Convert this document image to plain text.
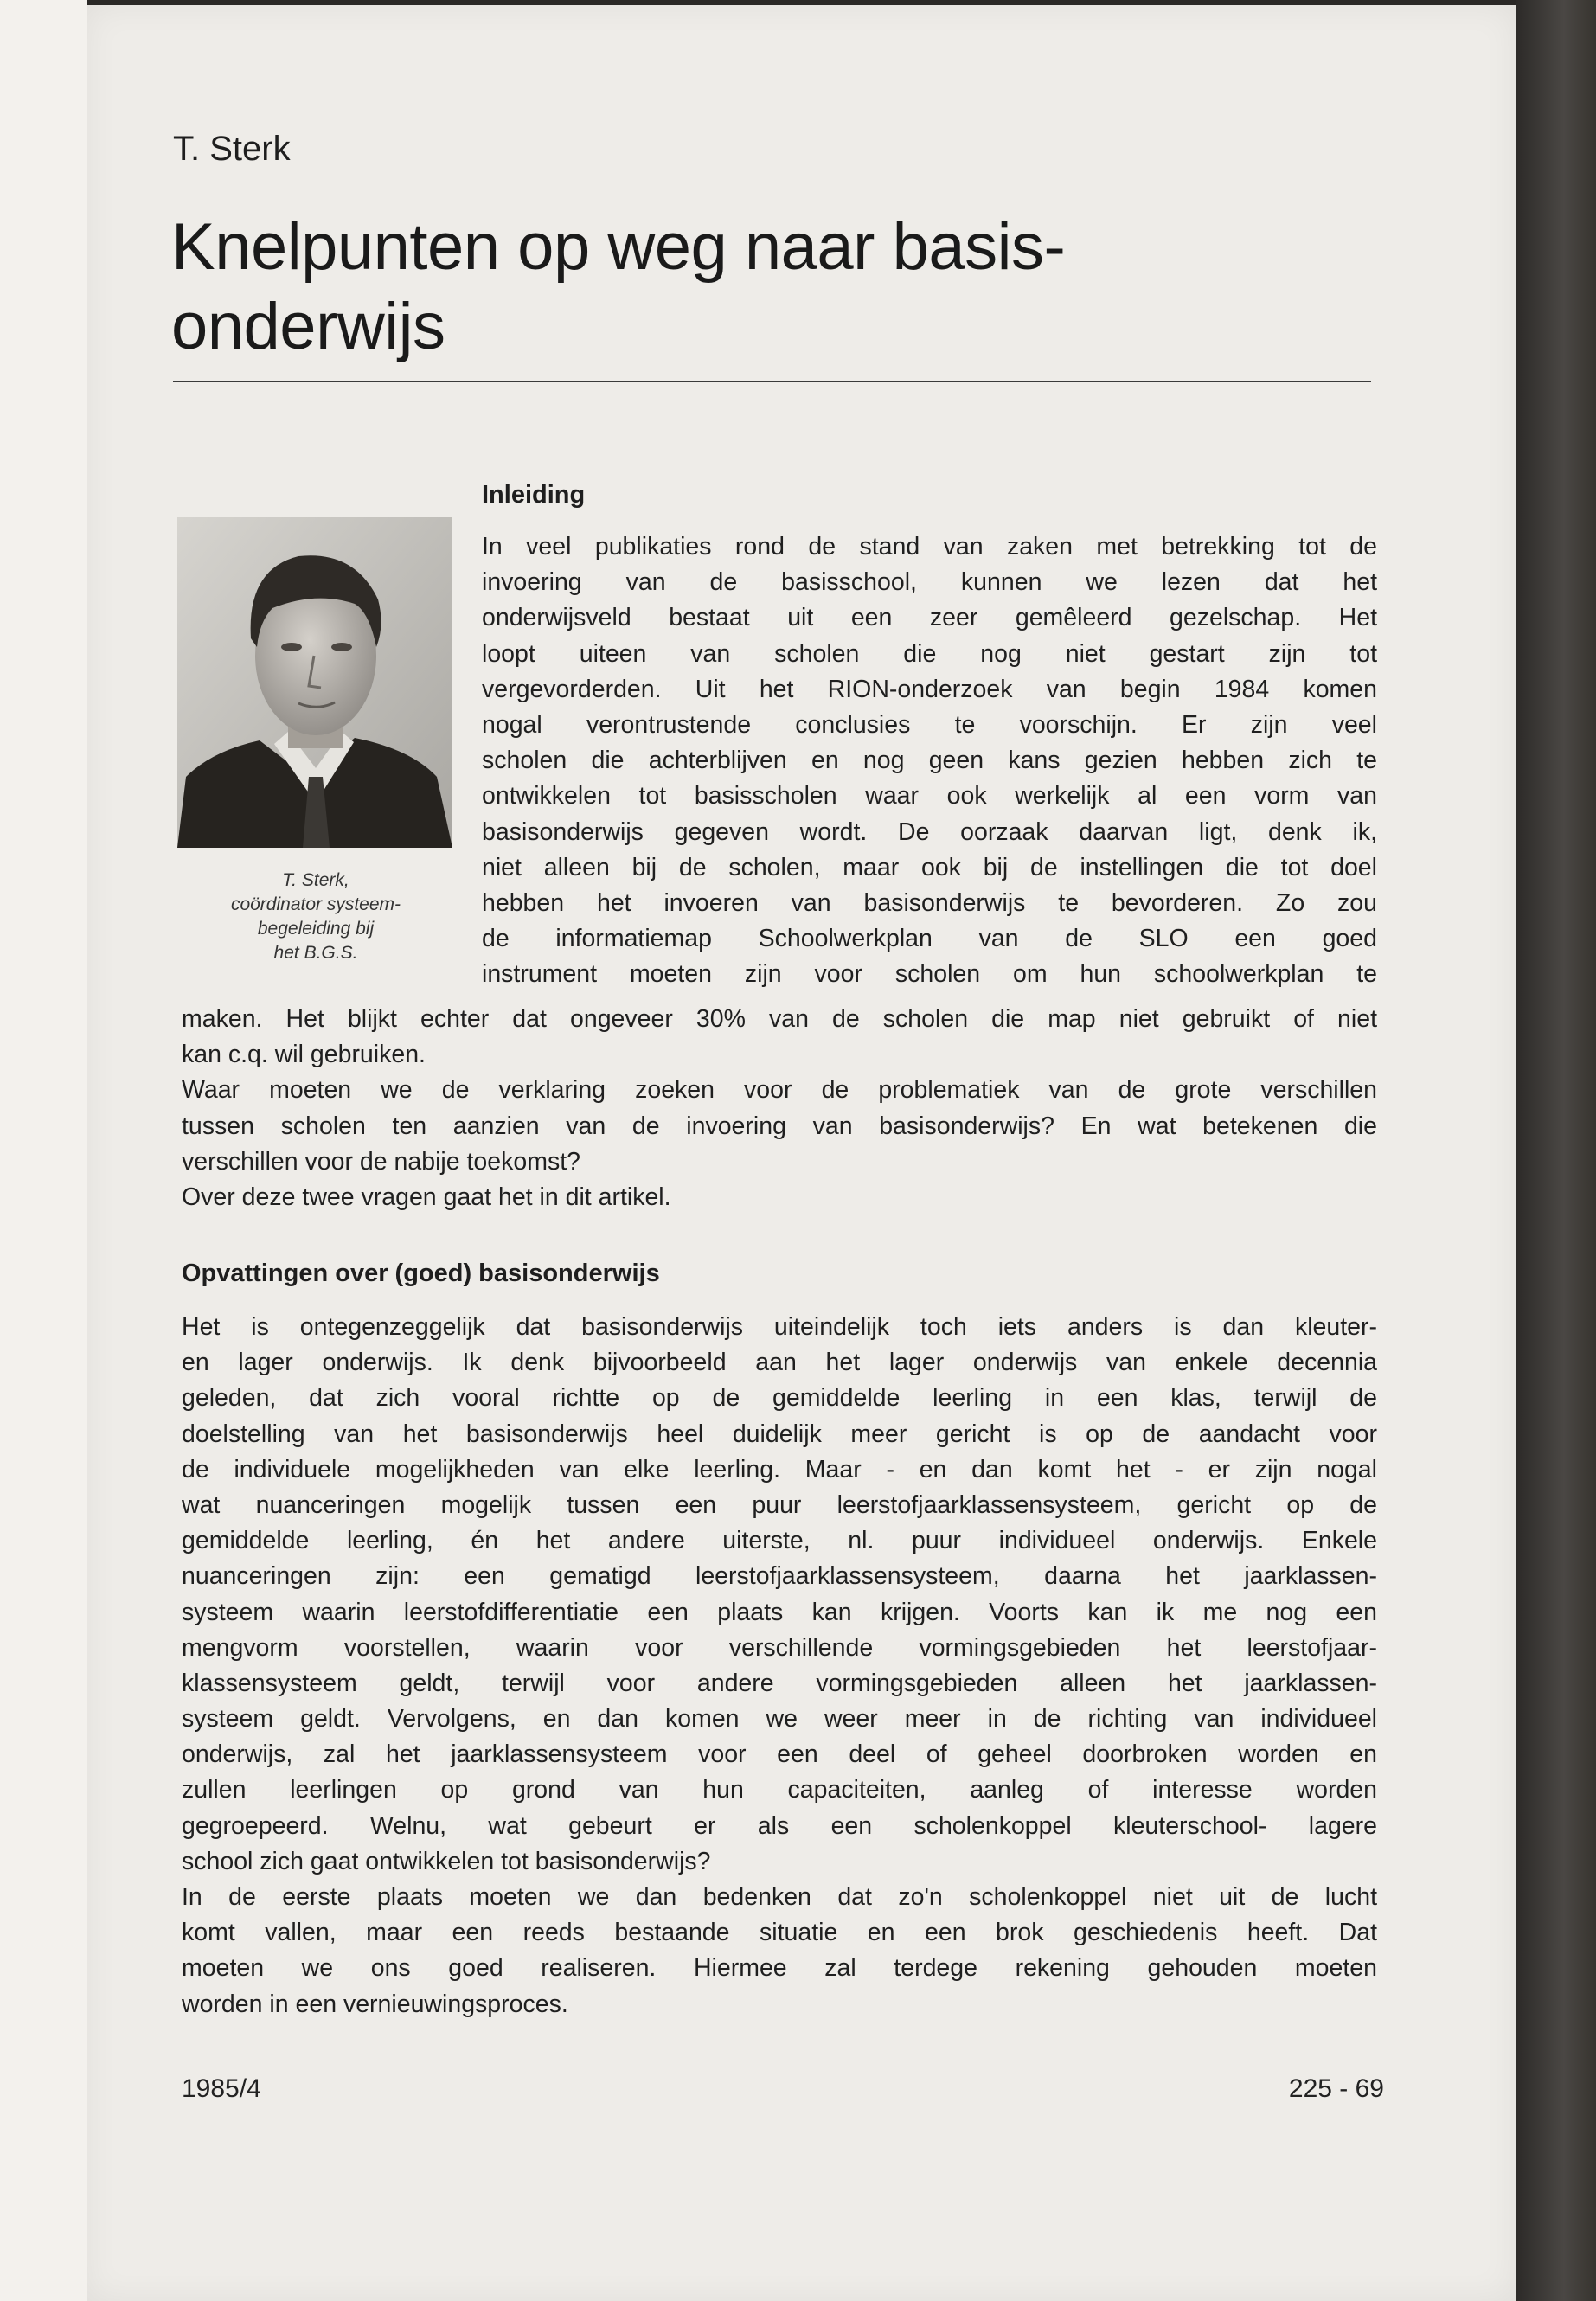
T. Sterk
Knelpunten op weg naar basis-
onderwijs
T. Sterk,
coördinator systeem-
begeleiding bij
het B.G.S.
Inleiding
In veel publikaties rond de stand van zaken met betrekking tot de
invoering van de basisschool, kunnen we lezen dat het
onderwijsveld bestaat uit een zeer gemêleerd gezelschap. Het
loopt uiteen van scholen die nog niet gestart zijn tot
vergevorderden. Uit het RION-onderzoek van begin 1984 komen
nogal verontrustende conclusies te voorschijn. Er zijn veel
scholen die achterblijven en nog geen kans gezien hebben zich te
ontwikkelen tot basisscholen waar ook werkelijk al een vorm van
basisonderwijs gegeven wordt. De oorzaak daarvan ligt, denk ik,
niet alleen bij de scholen, maar ook bij de instellingen die tot doel
hebben het invoeren van basisonderwijs te bevorderen. Zo zou
de informatiemap Schoolwerkplan van de SLO een goed
instrument moeten zijn voor scholen om hun schoolwerkplan te
maken. Het blijkt echter dat ongeveer 30% van de scholen die map niet gebruikt of niet
kan c.q. wil gebruiken.
Waar moeten we de verklaring zoeken voor de problematiek van de grote verschillen
tussen scholen ten aanzien van de invoering van basisonderwijs? En wat betekenen die
verschillen voor de nabije toekomst?
Over deze twee vragen gaat het in dit artikel.
Opvattingen over (goed) basisonderwijs
Het is ontegenzeggelijk dat basisonderwijs uiteindelijk toch iets anders is dan kleuter-
en lager onderwijs. Ik denk bijvoorbeeld aan het lager onderwijs van enkele decennia
geleden, dat zich vooral richtte op de gemiddelde leerling in een klas, terwijl de
doelstelling van het basisonderwijs heel duidelijk meer gericht is op de aandacht voor
de individuele mogelijkheden van elke leerling. Maar - en dan komt het - er zijn nogal
wat nuanceringen mogelijk tussen een puur leerstofjaarklassensysteem, gericht op de
gemiddelde leerling, én het andere uiterste, nl. puur individueel onderwijs. Enkele
nuanceringen zijn: een gematigd leerstofjaarklassensysteem, daarna het jaarklassen-
systeem waarin leerstofdifferentiatie een plaats kan krijgen. Voorts kan ik me nog een
mengvorm voorstellen, waarin voor verschillende vormingsgebieden het leerstofjaar-
klassensysteem geldt, terwijl voor andere vormingsgebieden alleen het jaarklassen-
systeem geldt. Vervolgens, en dan komen we weer meer in de richting van individueel
onderwijs, zal het jaarklassensysteem voor een deel of geheel doorbroken worden en
zullen leerlingen op grond van hun capaciteiten, aanleg of interesse worden
gegroepeerd. Welnu, wat gebeurt er als een scholenkoppel kleuterschool- lagere
school zich gaat ontwikkelen tot basisonderwijs?
In de eerste plaats moeten we dan bedenken dat zo'n scholenkoppel niet uit de lucht
komt vallen, maar een reeds bestaande situatie en een brok geschiedenis heeft. Dat
moeten we ons goed realiseren. Hiermee zal terdege rekening gehouden moeten
worden in een vernieuwingsproces.
1985/4	225 - 69
